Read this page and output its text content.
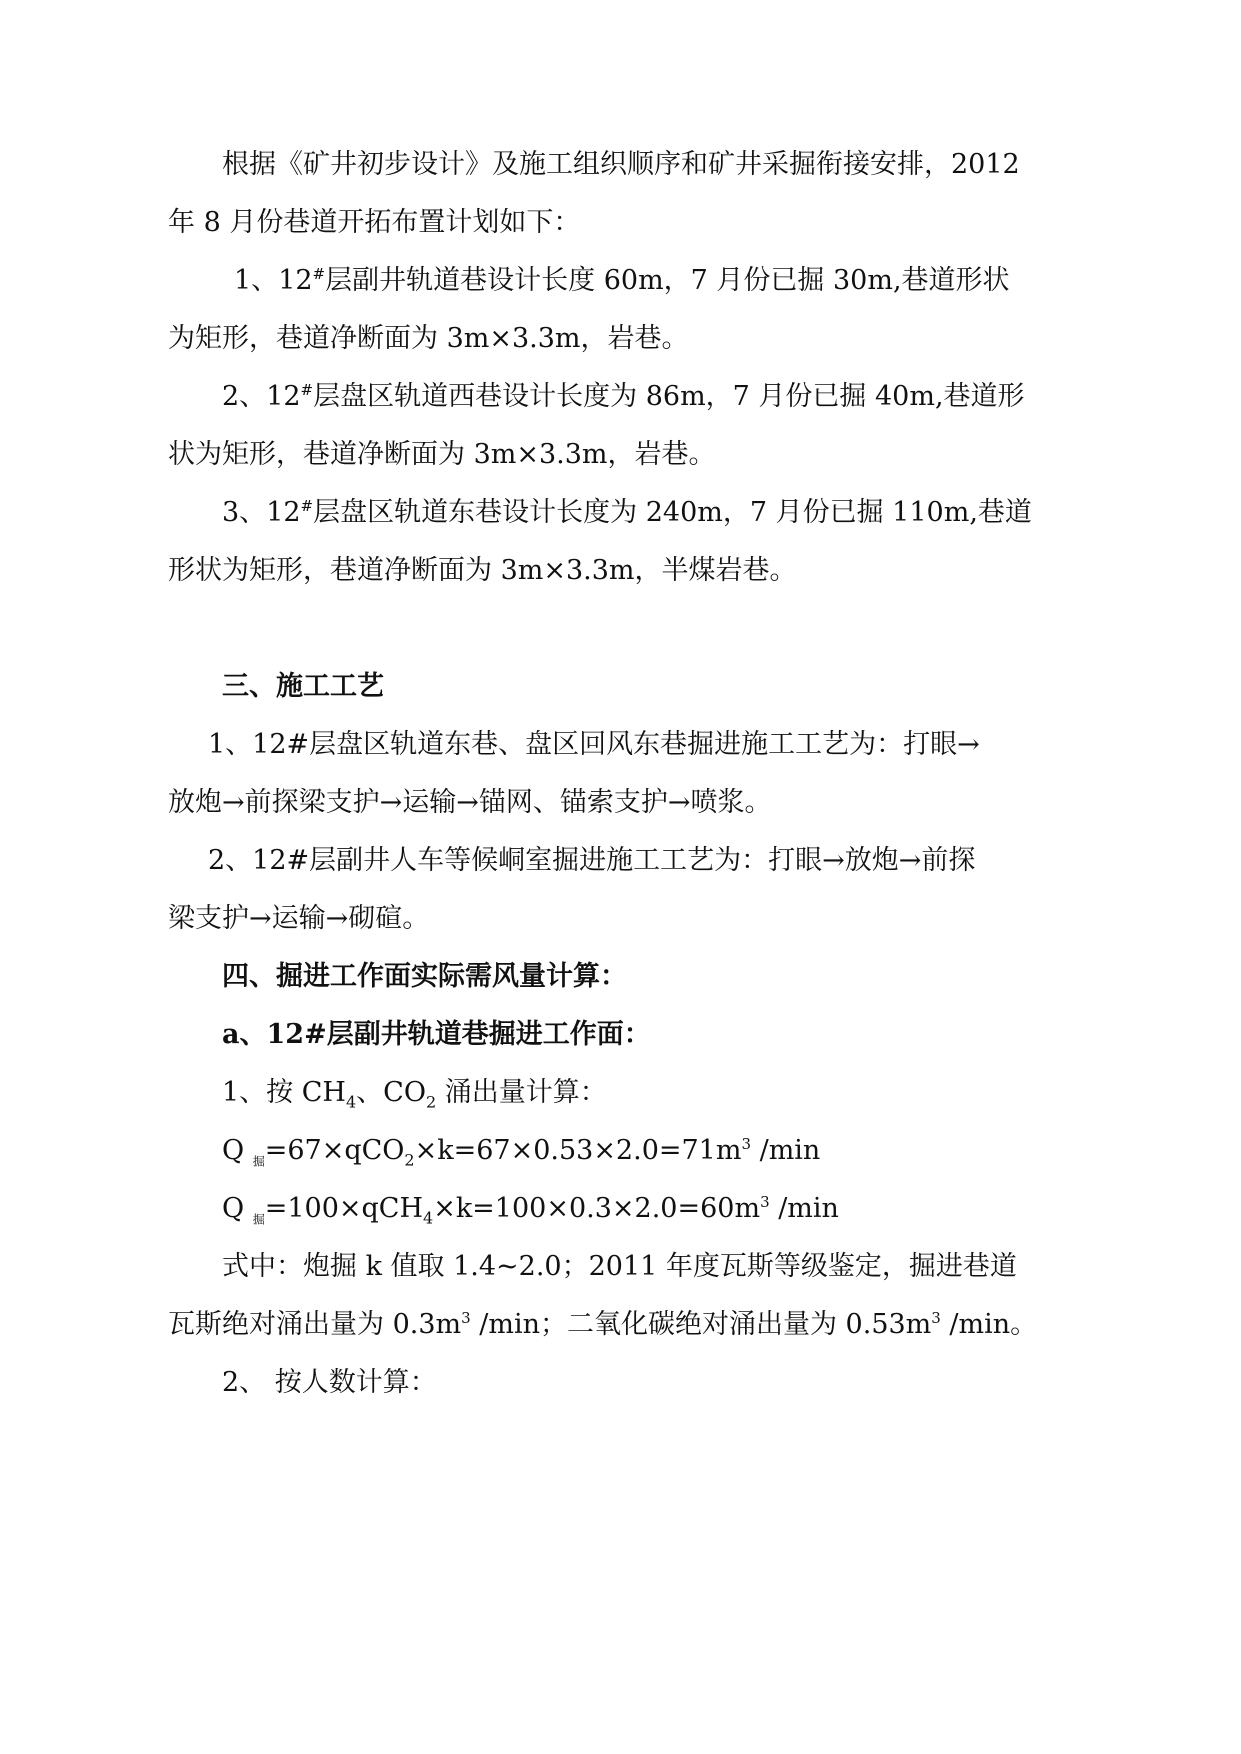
根据《矿井初步设计》及施工组织顺序和矿井采掘衔接安排，2012
年 8 月份巷道开拓布置计划如下：
1、12#层副井轨道巷设计长度 60m，7 月份已掘 30m,巷道形状
为矩形，巷道净断面为 3m×3.3m，岩巷。
2、12#层盘区轨道西巷设计长度为 86m，7 月份已掘 40m,巷道形
状为矩形，巷道净断面为 3m×3.3m，岩巷。
3、12#层盘区轨道东巷设计长度为 240m，7 月份已掘 110m,巷道
形状为矩形，巷道净断面为 3m×3.3m，半煤岩巷。
三、施工工艺
1、12#层盘区轨道东巷、盘区回风东巷掘进施工工艺为：打眼→
放炮→前探梁支护→运输→锚网、锚索支护→喷浆。
2、12#层副井人车等候峒室掘进施工工艺为：打眼→放炮→前探
梁支护→运输→砌碹。
四、掘进工作面实际需风量计算：
a、12#层副井轨道巷掘进工作面：
1、按 $CH_4$、$CO_2$ 涌出量计算：
Q $_掘=67\times qCO_2\times k=67\times 0.53\times 2.0=71m^3$ /min
Q $_掘=100\times qCH_4\times k=100\times 0.3\times 2.0=60m^3$ /min
式中：炮掘 k 值取 1.4~2.0；2011 年度瓦斯等级鉴定，掘进巷道
瓦斯绝对涌出量为 $0.3m^3$ /min；二氧化碳绝对涌出量为 $0.53m^3$ /min。
2、 按人数计算：
